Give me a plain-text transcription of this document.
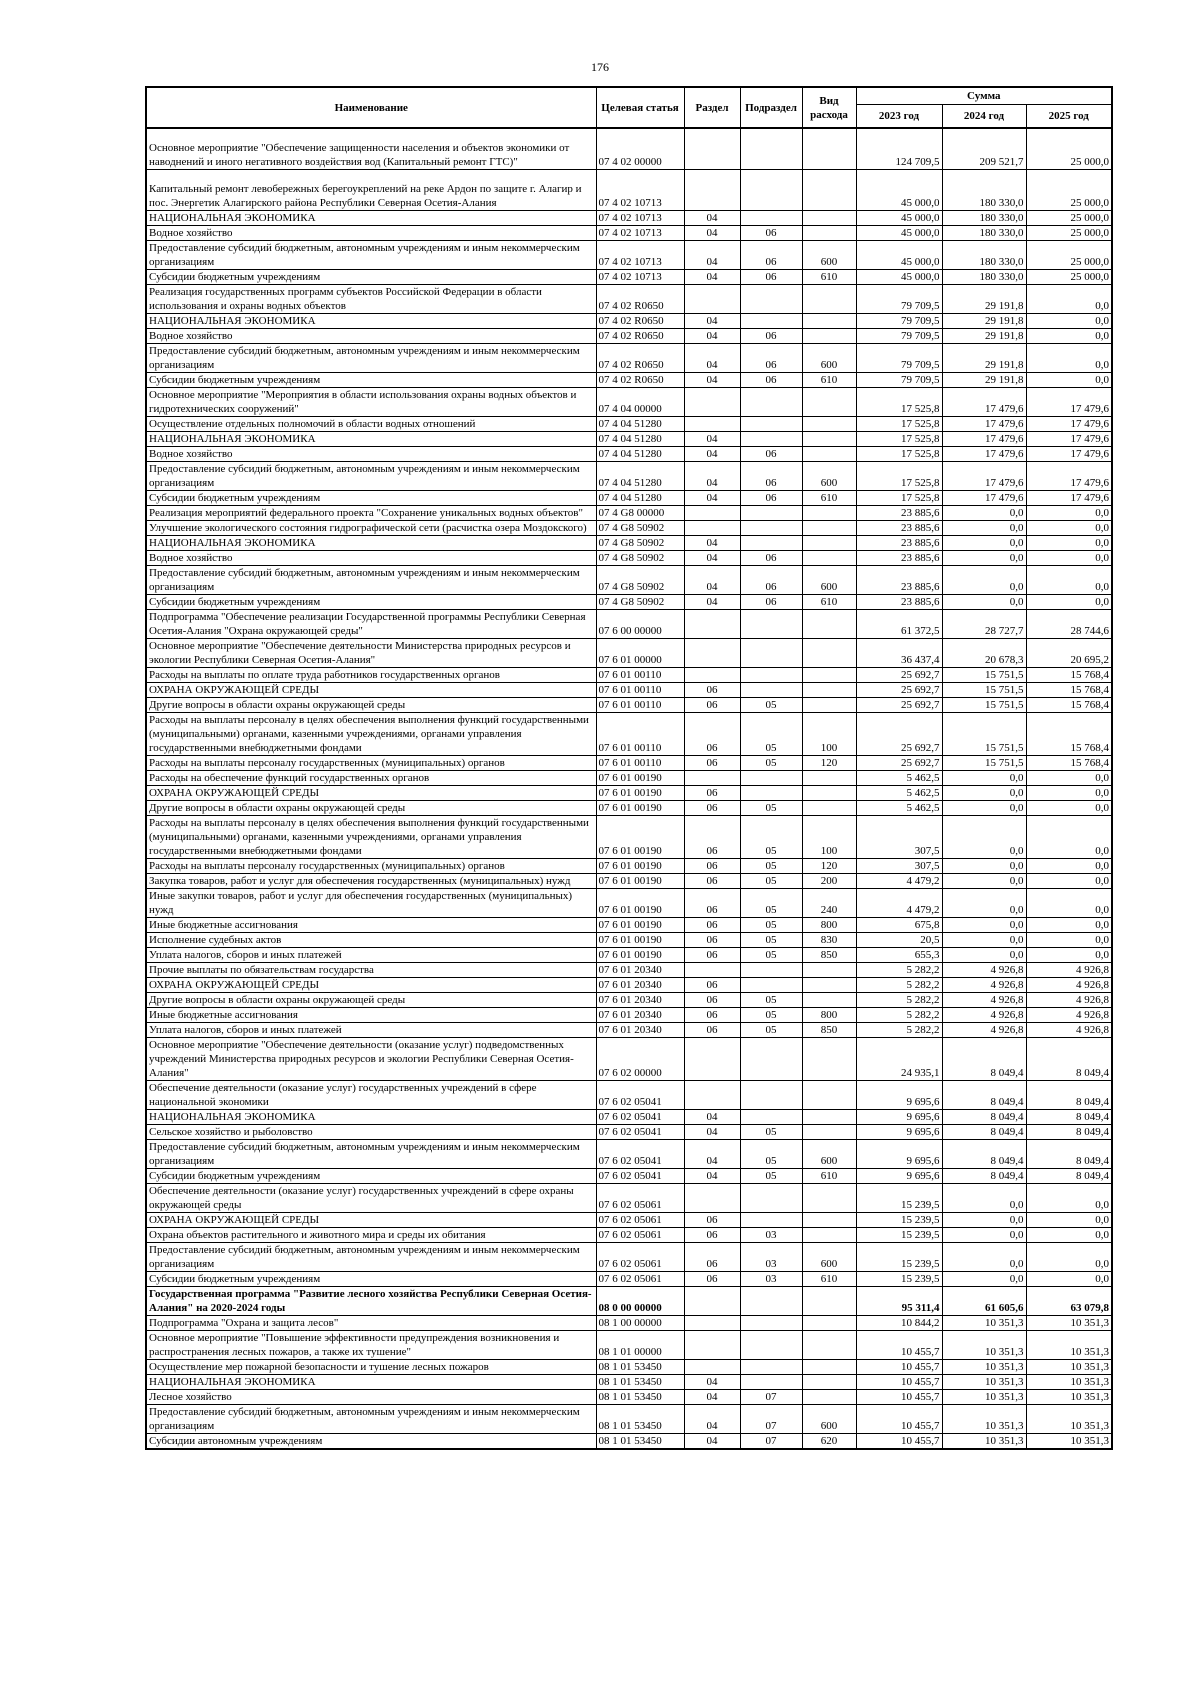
176
Наименование	Целевая статья	Раздел	Подраздел	Вид расхода	Сумма		
					2023 год	2024 год	2025 год
Основное мероприятие "Обеспечение защищенности населения и объектов экономики от наводнений и иного негативного воздействия вод (Капитальный ремонт ГТС)"	07 4 02 00000				124 709,5	209 521,7	25 000,0
Капитальный ремонт левобережных берегоукреплений на реке Ардон по защите г. Алагир и пос. Энергетик Алагирского района Республики Северная Осетия-Алания	07 4 02 10713				45 000,0	180 330,0	25 000,0
НАЦИОНАЛЬНАЯ ЭКОНОМИКА	07 4 02 10713	04			45 000,0	180 330,0	25 000,0
Водное хозяйство	07 4 02 10713	04	06		45 000,0	180 330,0	25 000,0
Предоставление субсидий бюджетным, автономным учреждениям и иным некоммерческим организациям	07 4 02 10713	04	06	600	45 000,0	180 330,0	25 000,0
Субсидии бюджетным учреждениям	07 4 02 10713	04	06	610	45 000,0	180 330,0	25 000,0
Реализация государственных программ субъектов Российской Федерации в области использования и охраны водных объектов	07 4 02 R0650				79 709,5	29 191,8	0,0
НАЦИОНАЛЬНАЯ ЭКОНОМИКА	07 4 02 R0650	04			79 709,5	29 191,8	0,0
Водное хозяйство	07 4 02 R0650	04	06		79 709,5	29 191,8	0,0
Предоставление субсидий бюджетным, автономным учреждениям и иным некоммерческим организациям	07 4 02 R0650	04	06	600	79 709,5	29 191,8	0,0
Субсидии бюджетным учреждениям	07 4 02 R0650	04	06	610	79 709,5	29 191,8	0,0
Основное мероприятие "Мероприятия в области использования охраны водных объектов и гидротехнических сооружений"	07 4 04 00000				17 525,8	17 479,6	17 479,6
Осуществление отдельных полномочий в области водных отношений	07 4 04 51280				17 525,8	17 479,6	17 479,6
НАЦИОНАЛЬНАЯ ЭКОНОМИКА	07 4 04 51280	04			17 525,8	17 479,6	17 479,6
Водное хозяйство	07 4 04 51280	04	06		17 525,8	17 479,6	17 479,6
Предоставление субсидий бюджетным, автономным учреждениям и иным некоммерческим организациям	07 4 04 51280	04	06	600	17 525,8	17 479,6	17 479,6
Субсидии бюджетным учреждениям	07 4 04 51280	04	06	610	17 525,8	17 479,6	17 479,6
Реализация мероприятий федерального проекта "Сохранение уникальных водных объектов"	07 4 G8 00000				23 885,6	0,0	0,0
Улучшение экологического состояния гидрографической сети (расчистка озера Моздокского)	07 4 G8 50902				23 885,6	0,0	0,0
НАЦИОНАЛЬНАЯ ЭКОНОМИКА	07 4 G8 50902	04			23 885,6	0,0	0,0
Водное хозяйство	07 4 G8 50902	04	06		23 885,6	0,0	0,0
Предоставление субсидий бюджетным, автономным учреждениям и иным некоммерческим организациям	07 4 G8 50902	04	06	600	23 885,6	0,0	0,0
Субсидии бюджетным учреждениям	07 4 G8 50902	04	06	610	23 885,6	0,0	0,0
Подпрограмма "Обеспечение реализации Государственной программы Республики Северная Осетия-Алания "Охрана окружающей среды"	07 6 00 00000				61 372,5	28 727,7	28 744,6
Основное мероприятие "Обеспечение деятельности Министерства природных ресурсов и экологии Республики Северная Осетия-Алания"	07 6 01 00000				36 437,4	20 678,3	20 695,2
Расходы на выплаты по оплате труда работников государственных органов	07 6 01 00110				25 692,7	15 751,5	15 768,4
ОХРАНА ОКРУЖАЮЩЕЙ СРЕДЫ	07 6 01 00110	06			25 692,7	15 751,5	15 768,4
Другие вопросы в области охраны окружающей среды	07 6 01 00110	06	05		25 692,7	15 751,5	15 768,4
Расходы на выплаты персоналу в целях обеспечения выполнения функций государственными (муниципальными) органами, казенными учреждениями, органами управления государственными внебюджетными фондами	07 6 01 00110	06	05	100	25 692,7	15 751,5	15 768,4
Расходы на выплаты персоналу государственных (муниципальных) органов	07 6 01 00110	06	05	120	25 692,7	15 751,5	15 768,4
Расходы на обеспечение функций государственных органов	07 6 01 00190				5 462,5	0,0	0,0
ОХРАНА ОКРУЖАЮЩЕЙ СРЕДЫ	07 6 01 00190	06			5 462,5	0,0	0,0
Другие вопросы в области охраны окружающей среды	07 6 01 00190	06	05		5 462,5	0,0	0,0
Расходы на выплаты персоналу в целях обеспечения выполнения функций государственными (муниципальными) органами, казенными учреждениями, органами управления государственными внебюджетными фондами	07 6 01 00190	06	05	100	307,5	0,0	0,0
Расходы на выплаты персоналу государственных (муниципальных) органов	07 6 01 00190	06	05	120	307,5	0,0	0,0
Закупка товаров, работ и услуг для обеспечения государственных (муниципальных) нужд	07 6 01 00190	06	05	200	4 479,2	0,0	0,0
Иные закупки товаров, работ и услуг для обеспечения государственных (муниципальных) нужд	07 6 01 00190	06	05	240	4 479,2	0,0	0,0
Иные бюджетные ассигнования	07 6 01 00190	06	05	800	675,8	0,0	0,0
Исполнение судебных актов	07 6 01 00190	06	05	830	20,5	0,0	0,0
Уплата налогов, сборов и иных платежей	07 6 01 00190	06	05	850	655,3	0,0	0,0
Прочие выплаты по обязательствам государства	07 6 01 20340				5 282,2	4 926,8	4 926,8
ОХРАНА ОКРУЖАЮЩЕЙ СРЕДЫ	07 6 01 20340	06			5 282,2	4 926,8	4 926,8
Другие вопросы в области охраны окружающей среды	07 6 01 20340	06	05		5 282,2	4 926,8	4 926,8
Иные бюджетные ассигнования	07 6 01 20340	06	05	800	5 282,2	4 926,8	4 926,8
Уплата налогов, сборов и иных платежей	07 6 01 20340	06	05	850	5 282,2	4 926,8	4 926,8
Основное мероприятие "Обеспечение деятельности (оказание услуг) подведомственных учреждений Министерства природных ресурсов и экологии Республики Северная Осетия-Алания"	07 6 02 00000				24 935,1	8 049,4	8 049,4
Обеспечение деятельности (оказание услуг) государственных учреждений в сфере национальной экономики	07 6 02 05041				9 695,6	8 049,4	8 049,4
НАЦИОНАЛЬНАЯ ЭКОНОМИКА	07 6 02 05041	04			9 695,6	8 049,4	8 049,4
Сельское хозяйство и рыболовство	07 6 02 05041	04	05		9 695,6	8 049,4	8 049,4
Предоставление субсидий бюджетным, автономным учреждениям и иным некоммерческим организациям	07 6 02 05041	04	05	600	9 695,6	8 049,4	8 049,4
Субсидии бюджетным учреждениям	07 6 02 05041	04	05	610	9 695,6	8 049,4	8 049,4
Обеспечение деятельности (оказание услуг) государственных учреждений в сфере охраны окружающей среды	07 6 02 05061				15 239,5	0,0	0,0
ОХРАНА ОКРУЖАЮЩЕЙ СРЕДЫ	07 6 02 05061	06			15 239,5	0,0	0,0
Охрана объектов растительного и животного мира и среды их обитания	07 6 02 05061	06	03		15 239,5	0,0	0,0
Предоставление субсидий бюджетным, автономным учреждениям и иным некоммерческим организациям	07 6 02 05061	06	03	600	15 239,5	0,0	0,0
Субсидии бюджетным учреждениям	07 6 02 05061	06	03	610	15 239,5	0,0	0,0
Государственная программа "Развитие лесного хозяйства Республики Северная Осетия-Алания" на 2020-2024 годы	08 0 00 00000				95 311,4	61 605,6	63 079,8
Подпрограмма "Охрана и защита лесов"	08 1 00 00000				10 844,2	10 351,3	10 351,3
Основное мероприятие "Повышение эффективности предупреждения возникновения и распространения лесных пожаров, а также их тушение"	08 1 01 00000				10 455,7	10 351,3	10 351,3
Осуществление мер пожарной безопасности и тушение лесных пожаров	08 1 01 53450				10 455,7	10 351,3	10 351,3
НАЦИОНАЛЬНАЯ ЭКОНОМИКА	08 1 01 53450	04			10 455,7	10 351,3	10 351,3
Лесное хозяйство	08 1 01 53450	04	07		10 455,7	10 351,3	10 351,3
Предоставление субсидий бюджетным, автономным учреждениям и иным некоммерческим организациям	08 1 01 53450	04	07	600	10 455,7	10 351,3	10 351,3
Субсидии автономным учреждениям	08 1 01 53450	04	07	620	10 455,7	10 351,3	10 351,3
